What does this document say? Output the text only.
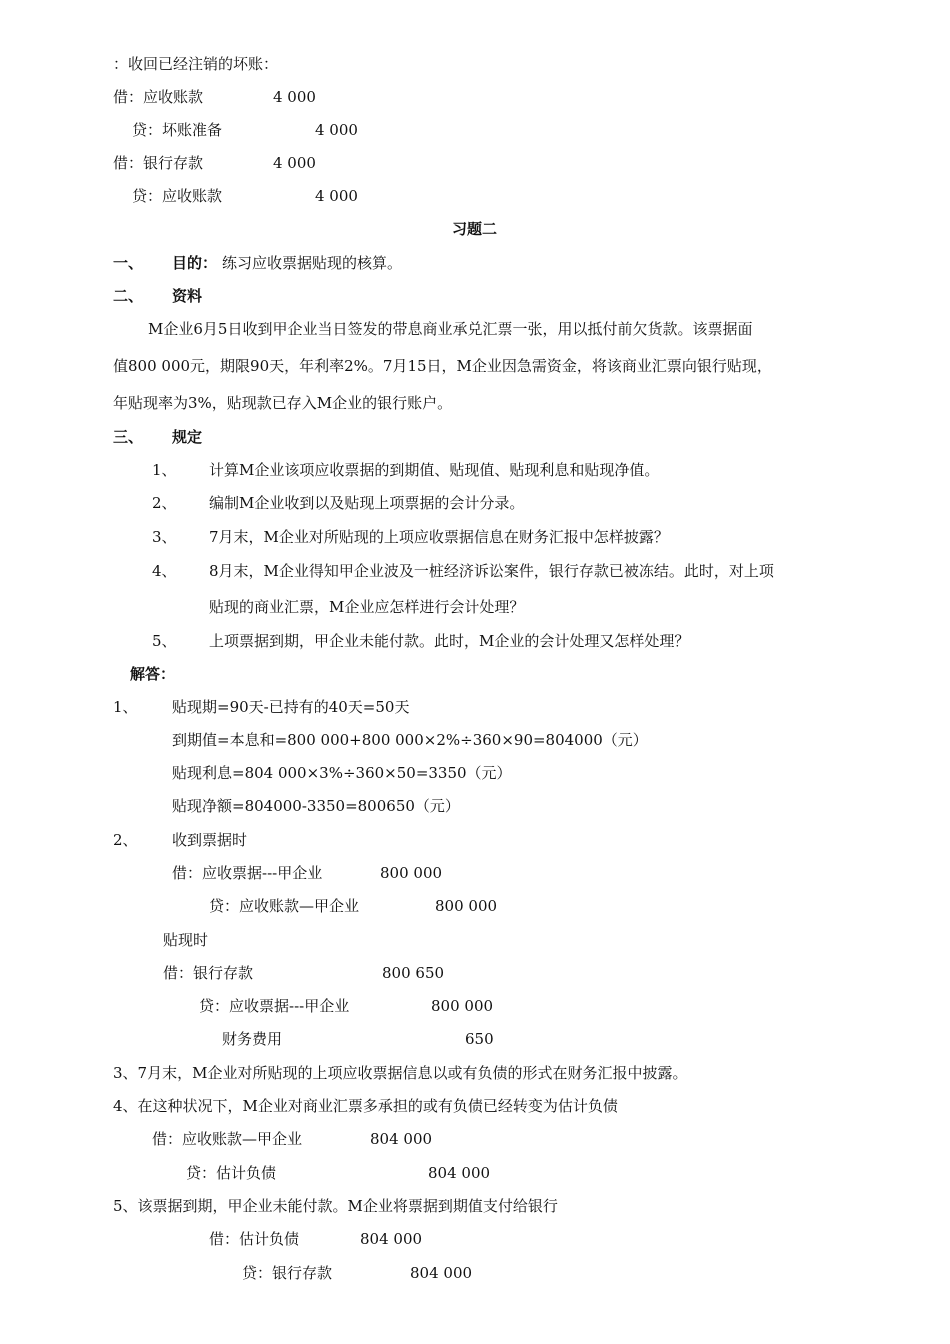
：收回已经注销的坏账：
借：应收账款	4 000
贷：坏账准备	4 000
借：银行存款	4 000
贷：应收账款	4 000
习题二
一、 目的： 练习应收票据贴现的核算。
二、 资料
M企业6月5日收到甲企业当日签发的带息商业承兑汇票一张，用以抵付前欠货款。该票据面
值800 000元，期限90天，年利率2%。7月15日，M企业因急需资金，将该商业汇票向银行贴现，
年贴现率为3%，贴现款已存入M企业的银行账户。
三、 规定
1、 计算M企业该项应收票据的到期值、贴现值、贴现利息和贴现净值。
2、 编制M企业收到以及贴现上项票据的会计分录。
3、 7月末，M企业对所贴现的上项应收票据信息在财务汇报中怎样披露？
4、 8月末，M企业得知甲企业波及一桩经济诉讼案件，银行存款已被冻结。此时，对上项
贴现的商业汇票，M企业应怎样进行会计处理？
5、 上项票据到期，甲企业未能付款。此时，M企业的会计处理又怎样处理？
解答：
1、 贴现期=90天-已持有的40天=50天
到期值=本息和=800 000+800 000×2%÷360×90=804000（元）
贴现利息=804 000×3%÷360×50=3350（元）
贴现净额=804000-3350=800650（元）
2、 收到票据时
借：应收票据---甲企业	800 000
贷：应收账款—甲企业	800 000
贴现时
借：银行存款	800 650
贷：应收票据---甲企业	800 000
财务费用	650
3、7月末，M企业对所贴现的上项应收票据信息以或有负债的形式在财务汇报中披露。
4、在这种状况下，M企业对商业汇票多承担的或有负债已经转变为估计负债
借：应收账款—甲企业	804 000
贷：估计负债	804 000
5、该票据到期，甲企业未能付款。M企业将票据到期值支付给银行
借：估计负债	804 000
贷：银行存款	804 000
